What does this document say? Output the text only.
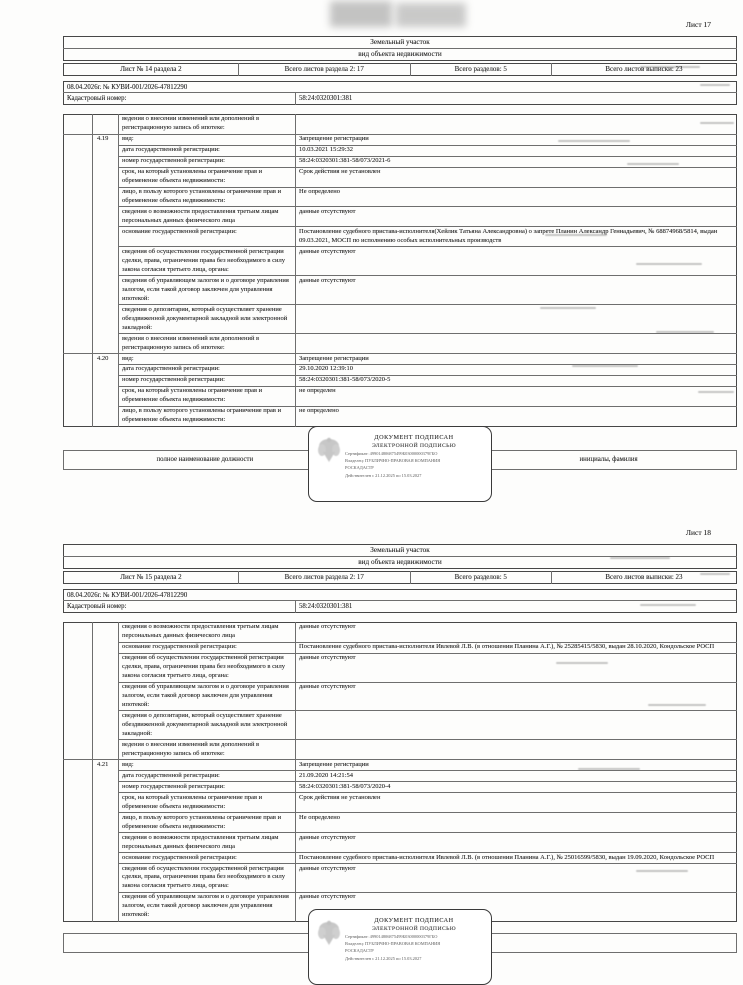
Лист 17
Земельный участок
вид объекта недвижимости
Лист № 14 раздела 2	Всего листов раздела 2: 17	Всего разделов: 5	Всего листов выписки: 23
08.04.2026г. № КУВИ-001/2026-47812290
Кадастровый номер:	58:24:0320301:381
		ведения о внесении изменений или дополнений в регистрационную запись об ипотеке:	
	4.19	вид:	Запрещение регистрации
		дата государственной регистрации:	10.03.2021 15:29:32
		номер государственной регистрации:	58:24:0320301:381-58/073/2021-6
		срок, на который установлены ограничение прав и обременение объекта недвижимости:	Срок действия не установлен
		лицо, в пользу которого установлены ограничение прав и обременение объекта недвижимости:	Не определено
		сведения о возможности предоставления третьим лицам персональных данных физического лица	данные отсутствуют
		основание государственной регистрации:	Постановление судебного пристава-исполнителя(Хейлик Татьяна Александровна) о запрете Планин Александр Геннадьевич, № 68874968/5814, выдан 09.03.2021, МОСП по исполнению особых исполнительных производств
		сведения об осуществлении государственной регистрации сделки, права, ограничения права без необходимого в силу закона согласия третьего лица, органа:	данные отсутствуют
		сведения об управляющем залогом и о договоре управления залогом, если такой договор заключен для управления ипотекой:	данные отсутствуют
		сведения о депозитарии, который осуществляет хранение обездвиженной документарной закладной или электронной закладной:	
		ведения о внесении изменений или дополнений в регистрационную запись об ипотеке:	
	4.20	вид:	Запрещение регистрации
		дата государственной регистрации:	29.10.2020 12:39:10
		номер государственной регистрации:	58:24:0320301:381-58/073/2020-5
		срок, на который установлены ограничение прав и обременение объекта недвижимости:	не определен
		лицо, в пользу которого установлены ограничение прав и обременение объекта недвижимости:	не определено
полное наименование должности		инициалы, фамилия
ДОКУМЕНТ ПОДПИСАН
ЭЛЕКТРОННОЙ ПОДПИСЬЮ
Сертификат: 499014806875499Б03000000379ГБО
Владелец: ПУБЛИЧНО-ПРАВОВАЯ КОМПАНИЯ
РОСКАДАСТР
Действителен с 21.12.2025 по 15.03.2027
Лист 18
Земельный участок
вид объекта недвижимости
Лист № 15 раздела 2	Всего листов раздела 2: 17	Всего разделов: 5	Всего листов выписки: 23
08.04.2026г. № КУВИ-001/2026-47812290
Кадастровый номер:	58:24:0320301:381
		сведения о возможности предоставления третьим лицам персональных данных физического лица	данные отсутствуют
		основание государственной регистрации:	Постановление судебного пристава-исполнителя Ивлевой Л.В. (в отношении Планина А.Г.), № 25285415/5830, выдан 28.10.2020, Кондольское РОСП
		сведения об осуществлении государственной регистрации сделки, права, ограничения права без необходимого в силу закона согласия третьего лица, органа:	данные отсутствуют
		сведения об управляющем залогом и о договоре управления залогом, если такой договор заключен для управления ипотекой:	данные отсутствуют
		сведения о депозитарии, который осуществляет хранение обездвиженной документарной закладной или электронной закладной:	
		ведения о внесении изменений или дополнений в регистрационную запись об ипотеке:	
	4.21	вид:	Запрещение регистрации
		дата государственной регистрации:	21.09.2020 14:21:54
		номер государственной регистрации:	58:24:0320301:381-58/073/2020-4
		срок, на который установлены ограничение прав и обременение объекта недвижимости:	Срок действия не установлен
		лицо, в пользу которого установлены ограничение прав и обременение объекта недвижимости:	Не определено
		сведения о возможности предоставления третьим лицам персональных данных физического лица	данные отсутствуют
		основание государственной регистрации:	Постановление судебного пристава-исполнителя Ивлевой Л.В. (в отношении Планина А.Г.), № 25016599/5830, выдан 19.09.2020, Кондольское РОСП
		сведения об осуществлении государственной регистрации сделки, права, ограничения права без необходимого в силу закона согласия третьего лица, органа:	данные отсутствуют
		сведения об управляющем залогом и о договоре управления залогом, если такой договор заключен для управления ипотекой:	данные отсутствуют

ДОКУМЕНТ ПОДПИСАН
ЭЛЕКТРОННОЙ ПОДПИСЬЮ
Сертификат: 499014806875499Б03000000379ГБО
Владелец: ПУБЛИЧНО-ПРАВОВАЯ КОМПАНИЯ
РОСКАДАСТР
Действителен с 21.12.2025 по 15.03.2027
